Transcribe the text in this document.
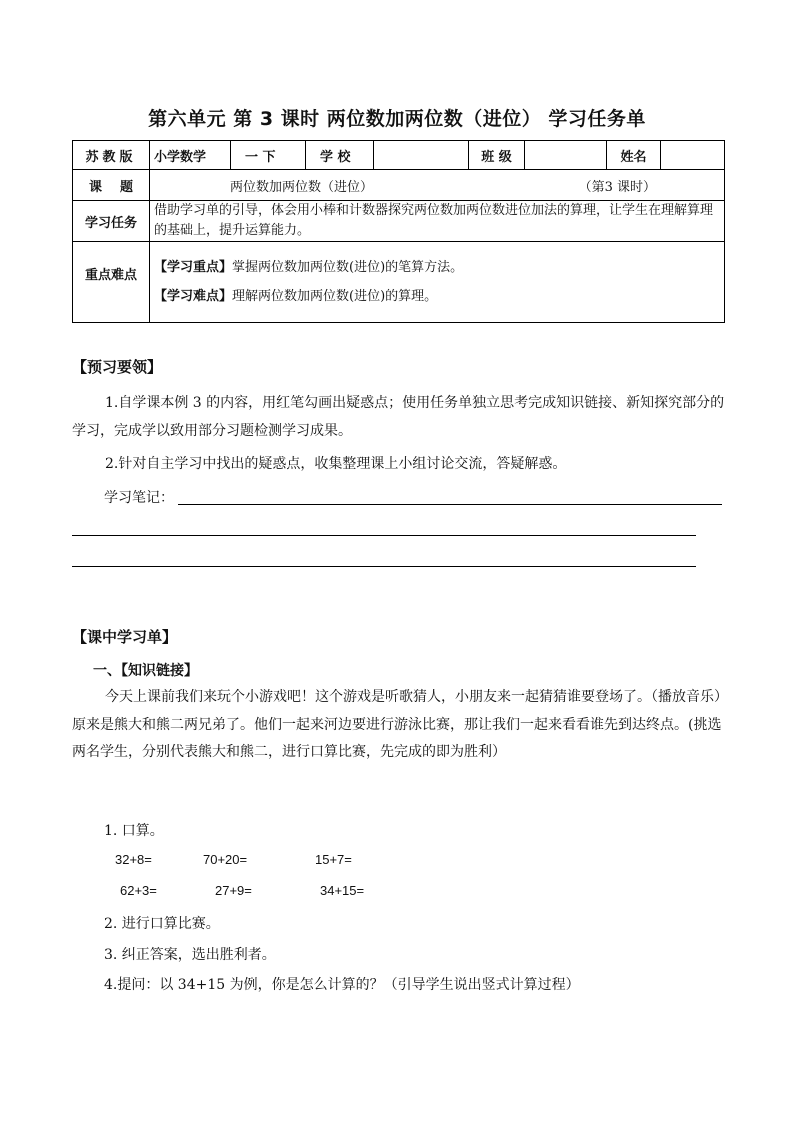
第六单元 第 3 课时 两位数加两位数（进位） 学习任务单
苏教版	小学数学	一 下	学 校		班 级		姓名	
课    题	两位数加两位数（进位） （第3 课时）							

学习任务	借助学习单的引导，体会用小棒和计数器探究两位数加两位数进位加法的算理，让学生在理解算理的基础上，提升运算能力。							
重点难点	【学习重点】掌握两位数加两位数(进位)的笔算方法。
【学习难点】理解两位数加两位数(进位)的算理。							
【预习要领】
1.自学课本例 3 的内容，用红笔勾画出疑惑点；使用任务单独立思考完成知识链接、新知探究部分的学习，完成学以致用部分习题检测学习成果。
2.针对自主学习中找出的疑惑点，收集整理课上小组讨论交流，答疑解惑。
学习笔记：
【课中学习单】
一、【知识链接】
今天上课前我们来玩个小游戏吧！这个游戏是听歌猜人，小朋友来一起猜猜谁要登场了。（播放音乐）原来是熊大和熊二两兄弟了。他们一起来河边要进行游泳比赛，那让我们一起来看看谁先到达终点。(挑选两名学生，分别代表熊大和熊二，进行口算比赛，先完成的即为胜利）
1. 口算。
32+8=	70+20=	15+7=
62+3=	27+9=	34+15=
2. 进行口算比赛。
3. 纠正答案，选出胜利者。
4.提问：以 34+15 为例，你是怎么计算的？（引导学生说出竖式计算过程）
